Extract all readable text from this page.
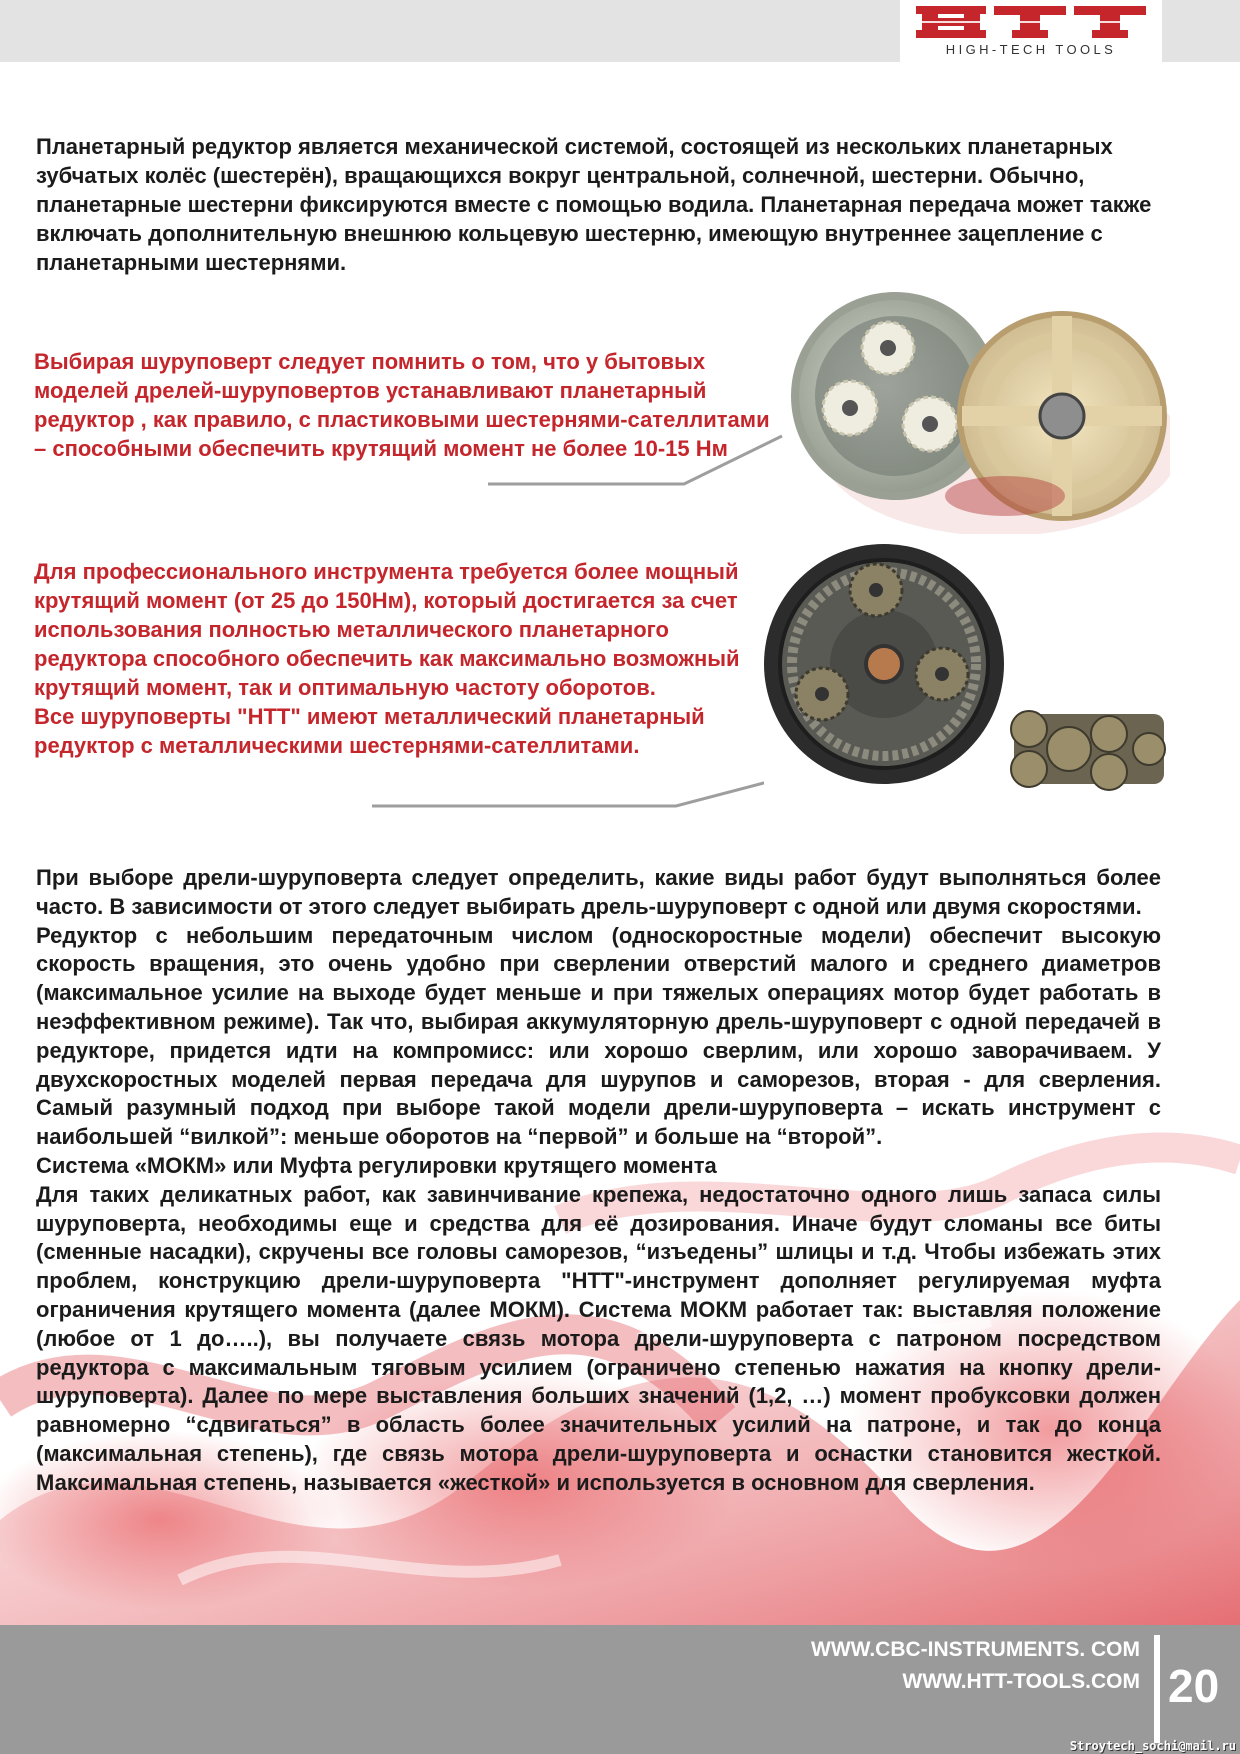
HIGH-TECH TOOLS

Планетарный редуктор является механической системой, состоящей из нескольких планетарных зубчатых колёс (шестерён), вращающихся вокруг центральной, солнечной, шестерни. Обычно, планетарные шестерни фиксируются вместе с помощью водила. Планетарная передача может также включать дополнительную внешнюю кольцевую шестерню, имеющую внутреннее зацепление с планетарными шестернями.

Выбирая шуруповерт следует помнить о том, что у бытовых моделей дрелей-шуруповертов устанавливают планетарный редуктор , как правило, с пластиковыми шестернями-сателлитами – способными обеспечить крутящий момент не более 10-15 Нм

Для профессионального инструмента требуется более мощный крутящий момент (от 25 до 150Нм), который достигается за счет использования полностью металлического планетарного редуктора способного обеспечить как максимально возможный крутящий момент, так и оптимальную частоту оборотов.
Все шуруповерты "HTT" имеют металлический планетарный редуктор с металлическими шестернями-сателлитами.

При выборе дрели-шуруповерта следует определить, какие виды работ будут выполняться более часто. В зависимости от этого следует выбирать дрель-шуруповерт с одной или двумя скоростями.

Редуктор с небольшим передаточным числом (односкоростные модели) обеспечит высокую скорость вращения, это очень удобно при сверлении отверстий малого и среднего диаметров (максимальное усилие на выходе будет меньше и при тяжелых операциях мотор будет работать в неэффективном режиме). Так что, выбирая аккумуляторную дрель-шуруповерт с одной передачей в редукторе, придется идти на компромисс: или хорошо сверлим, или хорошо заворачиваем. У двухскоростных моделей первая передача для шурупов и саморезов, вторая - для сверления. Самый разумный подход при выборе такой модели дрели-шуруповерта – искать инструмент с наибольшей “вилкой”: меньше оборотов на “первой” и больше на “второй”.

Система «МОКМ» или Муфта регулировки крутящего момента

Для таких деликатных работ, как завинчивание крепежа, недостаточно одного лишь запаса силы шуруповерта, необходимы еще и средства для её дозирования. Иначе будут сломаны все биты (сменные насадки), скручены все головы саморезов, “изъедены” шлицы и т.д. Чтобы избежать этих проблем, конструкцию дрели-шуруповерта "HTT"-инструмент дополняет регулируемая муфта ограничения крутящего момента (далее МОКМ). Система МОКМ работает так: выставляя положение (любое от 1 до…..), вы получаете связь мотора дрели-шуруповерта с патроном посредством редуктора с максимальным тяговым усилием (ограничено степенью нажатия на кнопку дрели-шуруповерта). Далее по мере выставления больших значений (1,2, …) момент пробуксовки должен равномерно “сдвигаться” в область более значительных усилий на патроне, и так до конца (максимальная степень), где связь мотора дрели-шуруповерта и оснастки становится жесткой. Максимальная степень, называется «жесткой» и используется в основном для сверления.

WWW.CBC-INSTRUMENTS. COM
WWW.HTT-TOOLS.COM 20
Stroytech_sochi@mail.ru
